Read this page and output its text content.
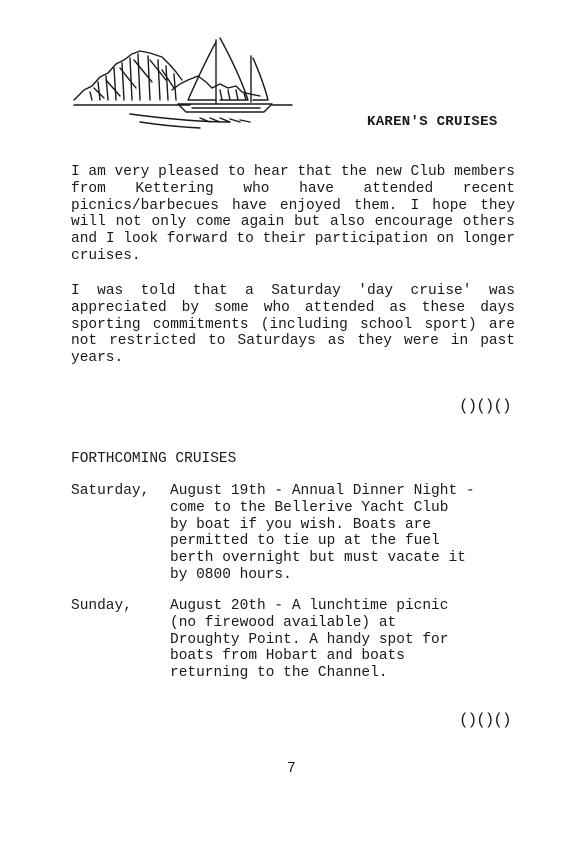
KAREN'S CRUISES

I am very pleased to hear that the new Club members from Kettering who have attended recent picnics/barbecues have enjoyed them. I hope they will not only come again but also encourage others and I look forward to their participation on longer cruises.

I was told that a Saturday 'day cruise' was appreciated by some who attended as these days sporting commitments (including school sport) are not restricted to Saturdays as they were in past years.

()()()
FORTHCOMING CRUISES
Saturday, August 19th - Annual Dinner Night -
come to the Bellerive Yacht Club
by boat if you wish. Boats are
permitted to tie up at the fuel
berth overnight but must vacate it
by 0800 hours.
Sunday,	August 20th - A lunchtime picnic
(no firewood available) at
Droughty Point. A handy spot for
boats from Hobart and boats
returning to the Channel.
()()()
7
